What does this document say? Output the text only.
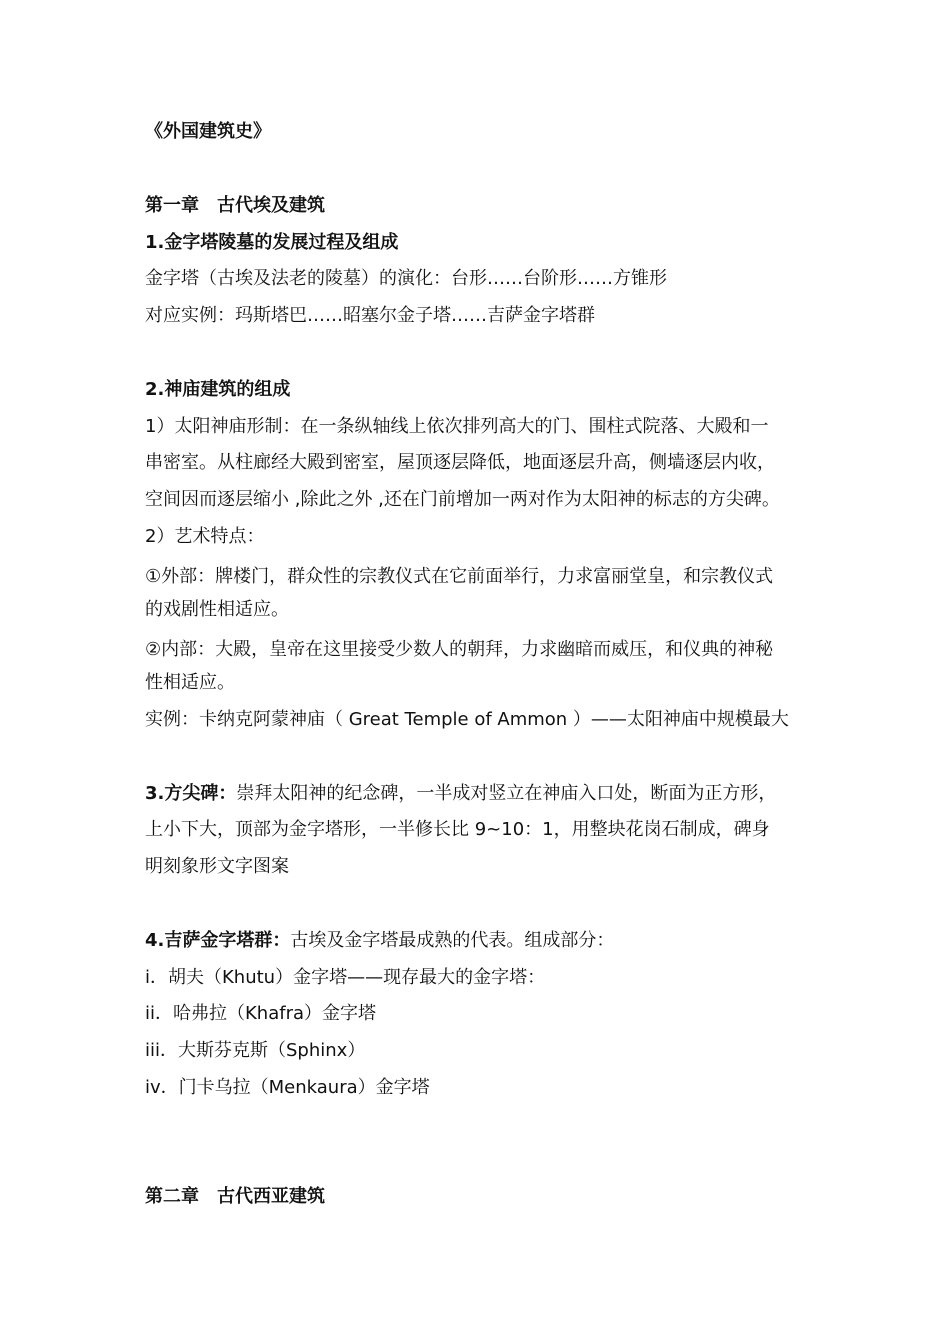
《外国建筑史》
第一章　古代埃及建筑
1.金字塔陵墓的发展过程及组成
金字塔（古埃及法老的陵墓）的演化：台形……台阶形……方锥形
对应实例：玛斯塔巴……昭塞尔金子塔……吉萨金字塔群
2.神庙建筑的组成
1）太阳神庙形制：在一条纵轴线上依次排列高大的门、围柱式院落、大殿和一
串密室。从柱廊经大殿到密室，屋顶逐层降低，地面逐层升高，侧墙逐层内收，
空间因而逐层缩小 ,除此之外 ,还在门前增加一两对作为太阳神的标志的方尖碑。
2）艺术特点：
①外部：牌楼门，群众性的宗教仪式在它前面举行，力求富丽堂皇，和宗教仪式
的戏剧性相适应。
②内部：大殿，皇帝在这里接受少数人的朝拜，力求幽暗而威压，和仪典的神秘
性相适应。
实例：卡纳克阿蒙神庙（ Great Temple of Ammon ）——太阳神庙中规模最大
3.方尖碑：崇拜太阳神的纪念碑，一半成对竖立在神庙入口处，断面为正方形，
上小下大，顶部为金字塔形，一半修长比 9~10：1，用整块花岗石制成，碑身
明刻象形文字图案
4.吉萨金字塔群：古埃及金字塔最成熟的代表。组成部分：
i．胡夫（Khutu）金字塔——现存最大的金字塔：
ii．哈弗拉（Khafra）金字塔
iii．大斯芬克斯（Sphinx）
iv．门卡乌拉（Menkaura）金字塔
第二章　古代西亚建筑
